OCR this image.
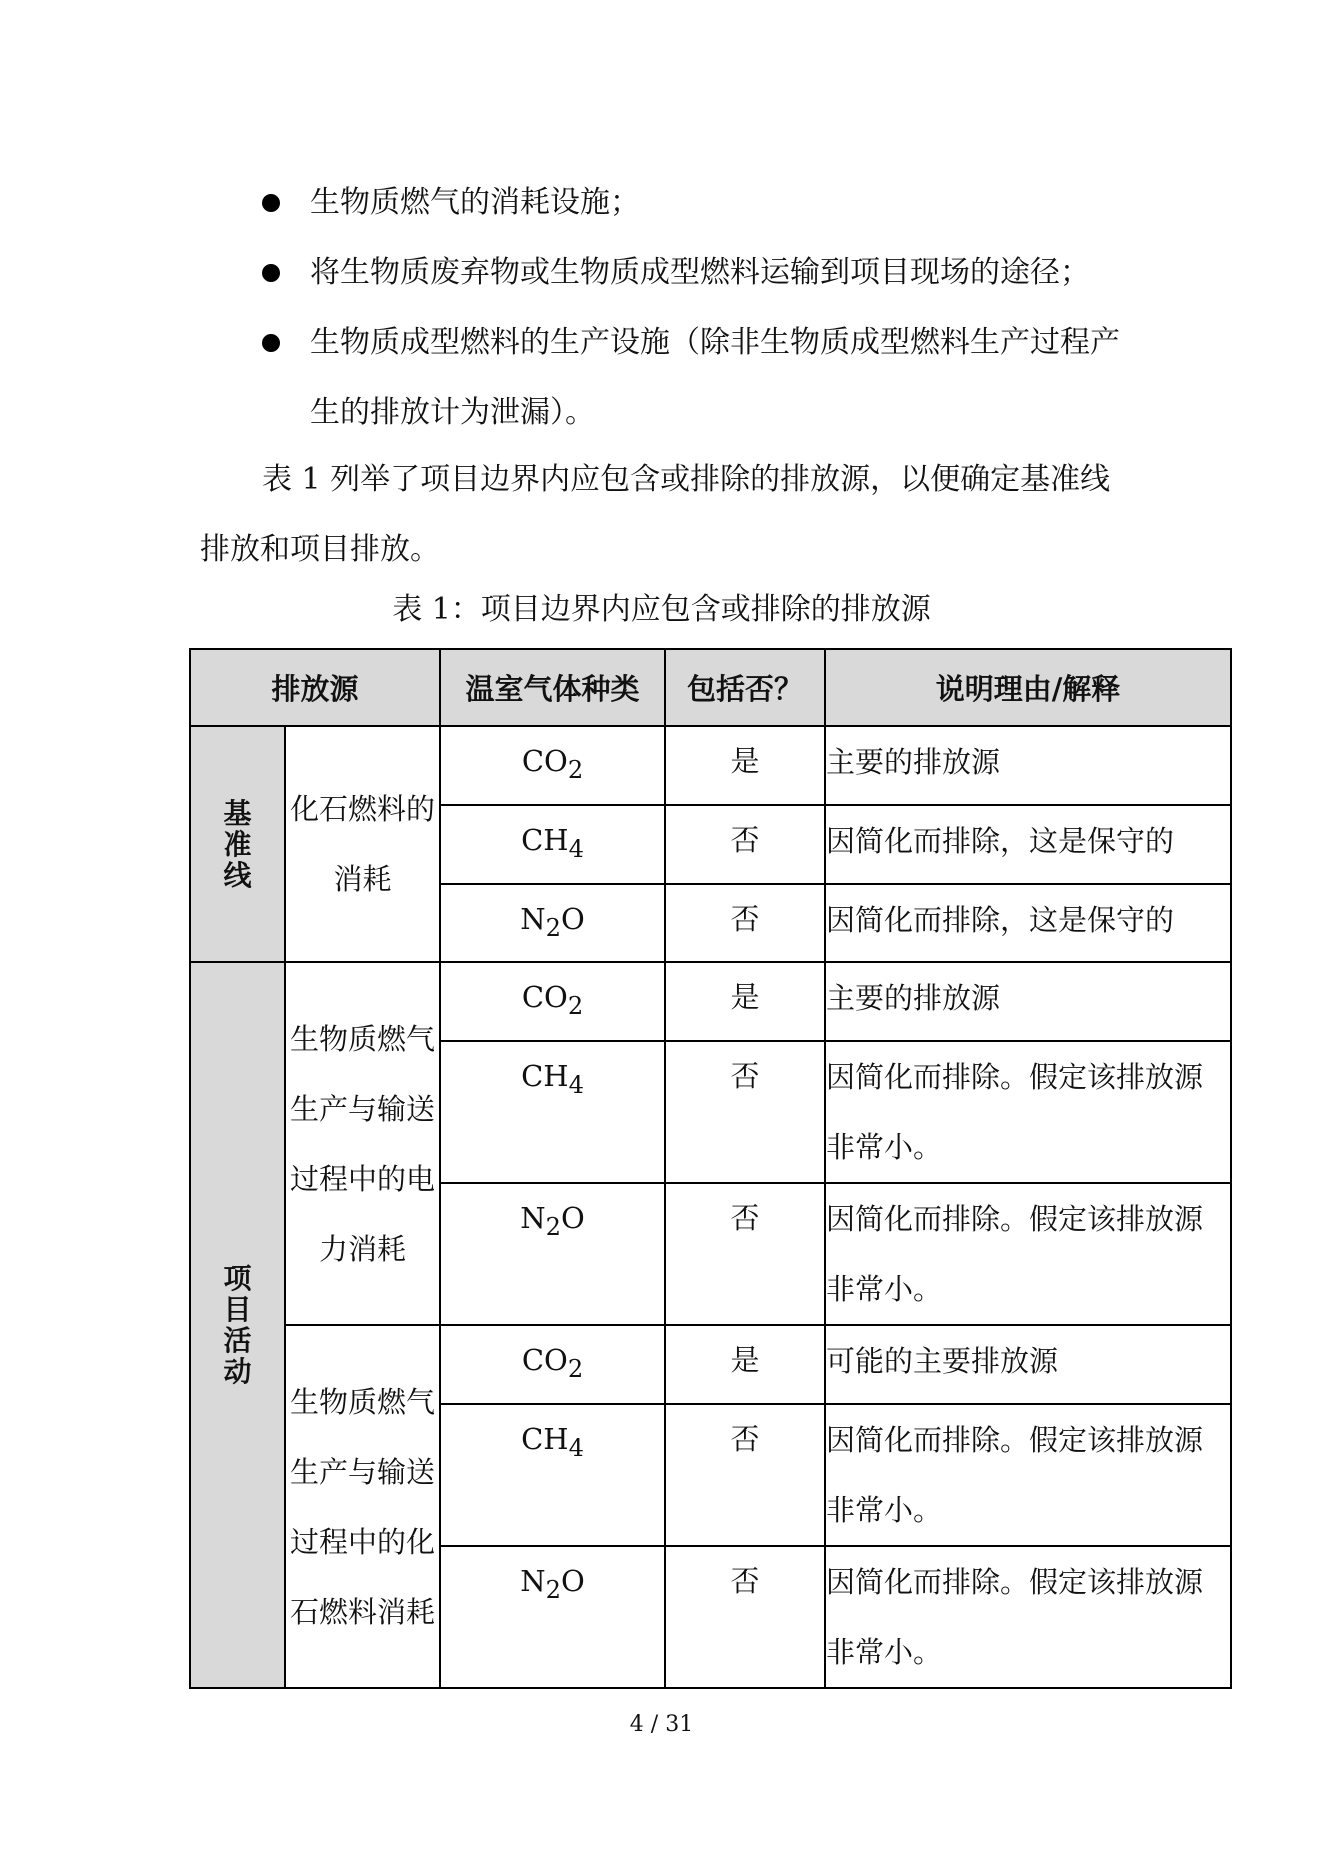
生物质燃气的消耗设施；
将生物质废弃物或生物质成型燃料运输到项目现场的途径；
生物质成型燃料的生产设施（除非生物质成型燃料生产过程产生的排放计为泄漏）。
表 1 列举了项目边界内应包含或排除的排放源，以便确定基准线排放和项目排放。
表 1：项目边界内应包含或排除的排放源
排放源		温室气体种类	包括否？	说明理由/解释
基准线	化石燃料的消耗	$CO_2$	是	主要的排放源
		$CH_4$	否	因简化而排除，这是保守的
		$N_2O$	否	因简化而排除，这是保守的
项目活动	生物质燃气生产与输送过程中的电力消耗	$CO_2$	是	主要的排放源
		$CH_4$	否	因简化而排除。假定该排放源非常小。
		$N_2O$	否	因简化而排除。假定该排放源非常小。
	生物质燃气生产与输送过程中的化石燃料消耗	$CO_2$	是	可能的主要排放源
		$CH_4$	否	因简化而排除。假定该排放源非常小。
		$N_2O$	否	因简化而排除。假定该排放源非常小。
4 / 31
